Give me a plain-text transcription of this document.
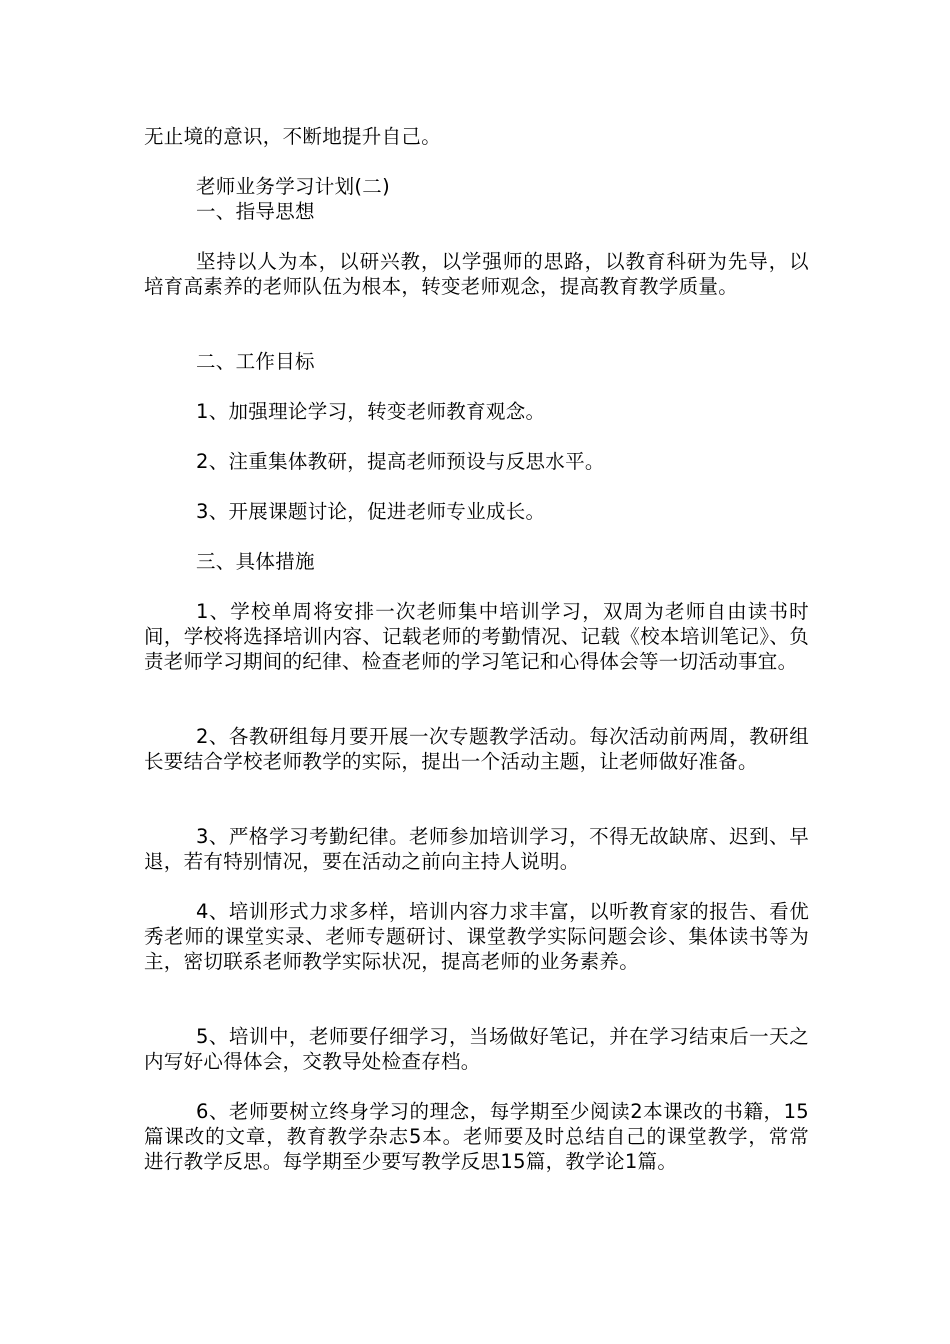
无止境的意识，不断地提升自己。

老师业务学习计划(二)

一、指导思想

坚持以人为本，以研兴教，以学强师的思路，以教育科研为先导，以培育高素养的老师队伍为根本，转变老师观念，提高教育教学质量。

二、工作目标

1、加强理论学习，转变老师教育观念。

2、注重集体教研，提高老师预设与反思水平。

3、开展课题讨论，促进老师专业成长。

三、具体措施

1、学校单周将安排一次老师集中培训学习，双周为老师自由读书时间，学校将选择培训内容、记载老师的考勤情况、记载《校本培训笔记》、负责老师学习期间的纪律、检查老师的学习笔记和心得体会等一切活动事宜。

2、各教研组每月要开展一次专题教学活动。每次活动前两周，教研组长要结合学校老师教学的实际，提出一个活动主题，让老师做好准备。

3、严格学习考勤纪律。老师参加培训学习，不得无故缺席、迟到、早退，若有特别情况，要在活动之前向主持人说明。

4、培训形式力求多样，培训内容力求丰富，以听教育家的报告、看优秀老师的课堂实录、老师专题研讨、课堂教学实际问题会诊、集体读书等为主，密切联系老师教学实际状况，提高老师的业务素养。

5、培训中，老师要仔细学习，当场做好笔记，并在学习结束后一天之内写好心得体会，交教导处检查存档。

6、老师要树立终身学习的理念，每学期至少阅读2本课改的书籍，15篇课改的文章，教育教学杂志5本。老师要及时总结自己的课堂教学，常常进行教学反思。每学期至少要写教学反思15篇，教学论1篇。
